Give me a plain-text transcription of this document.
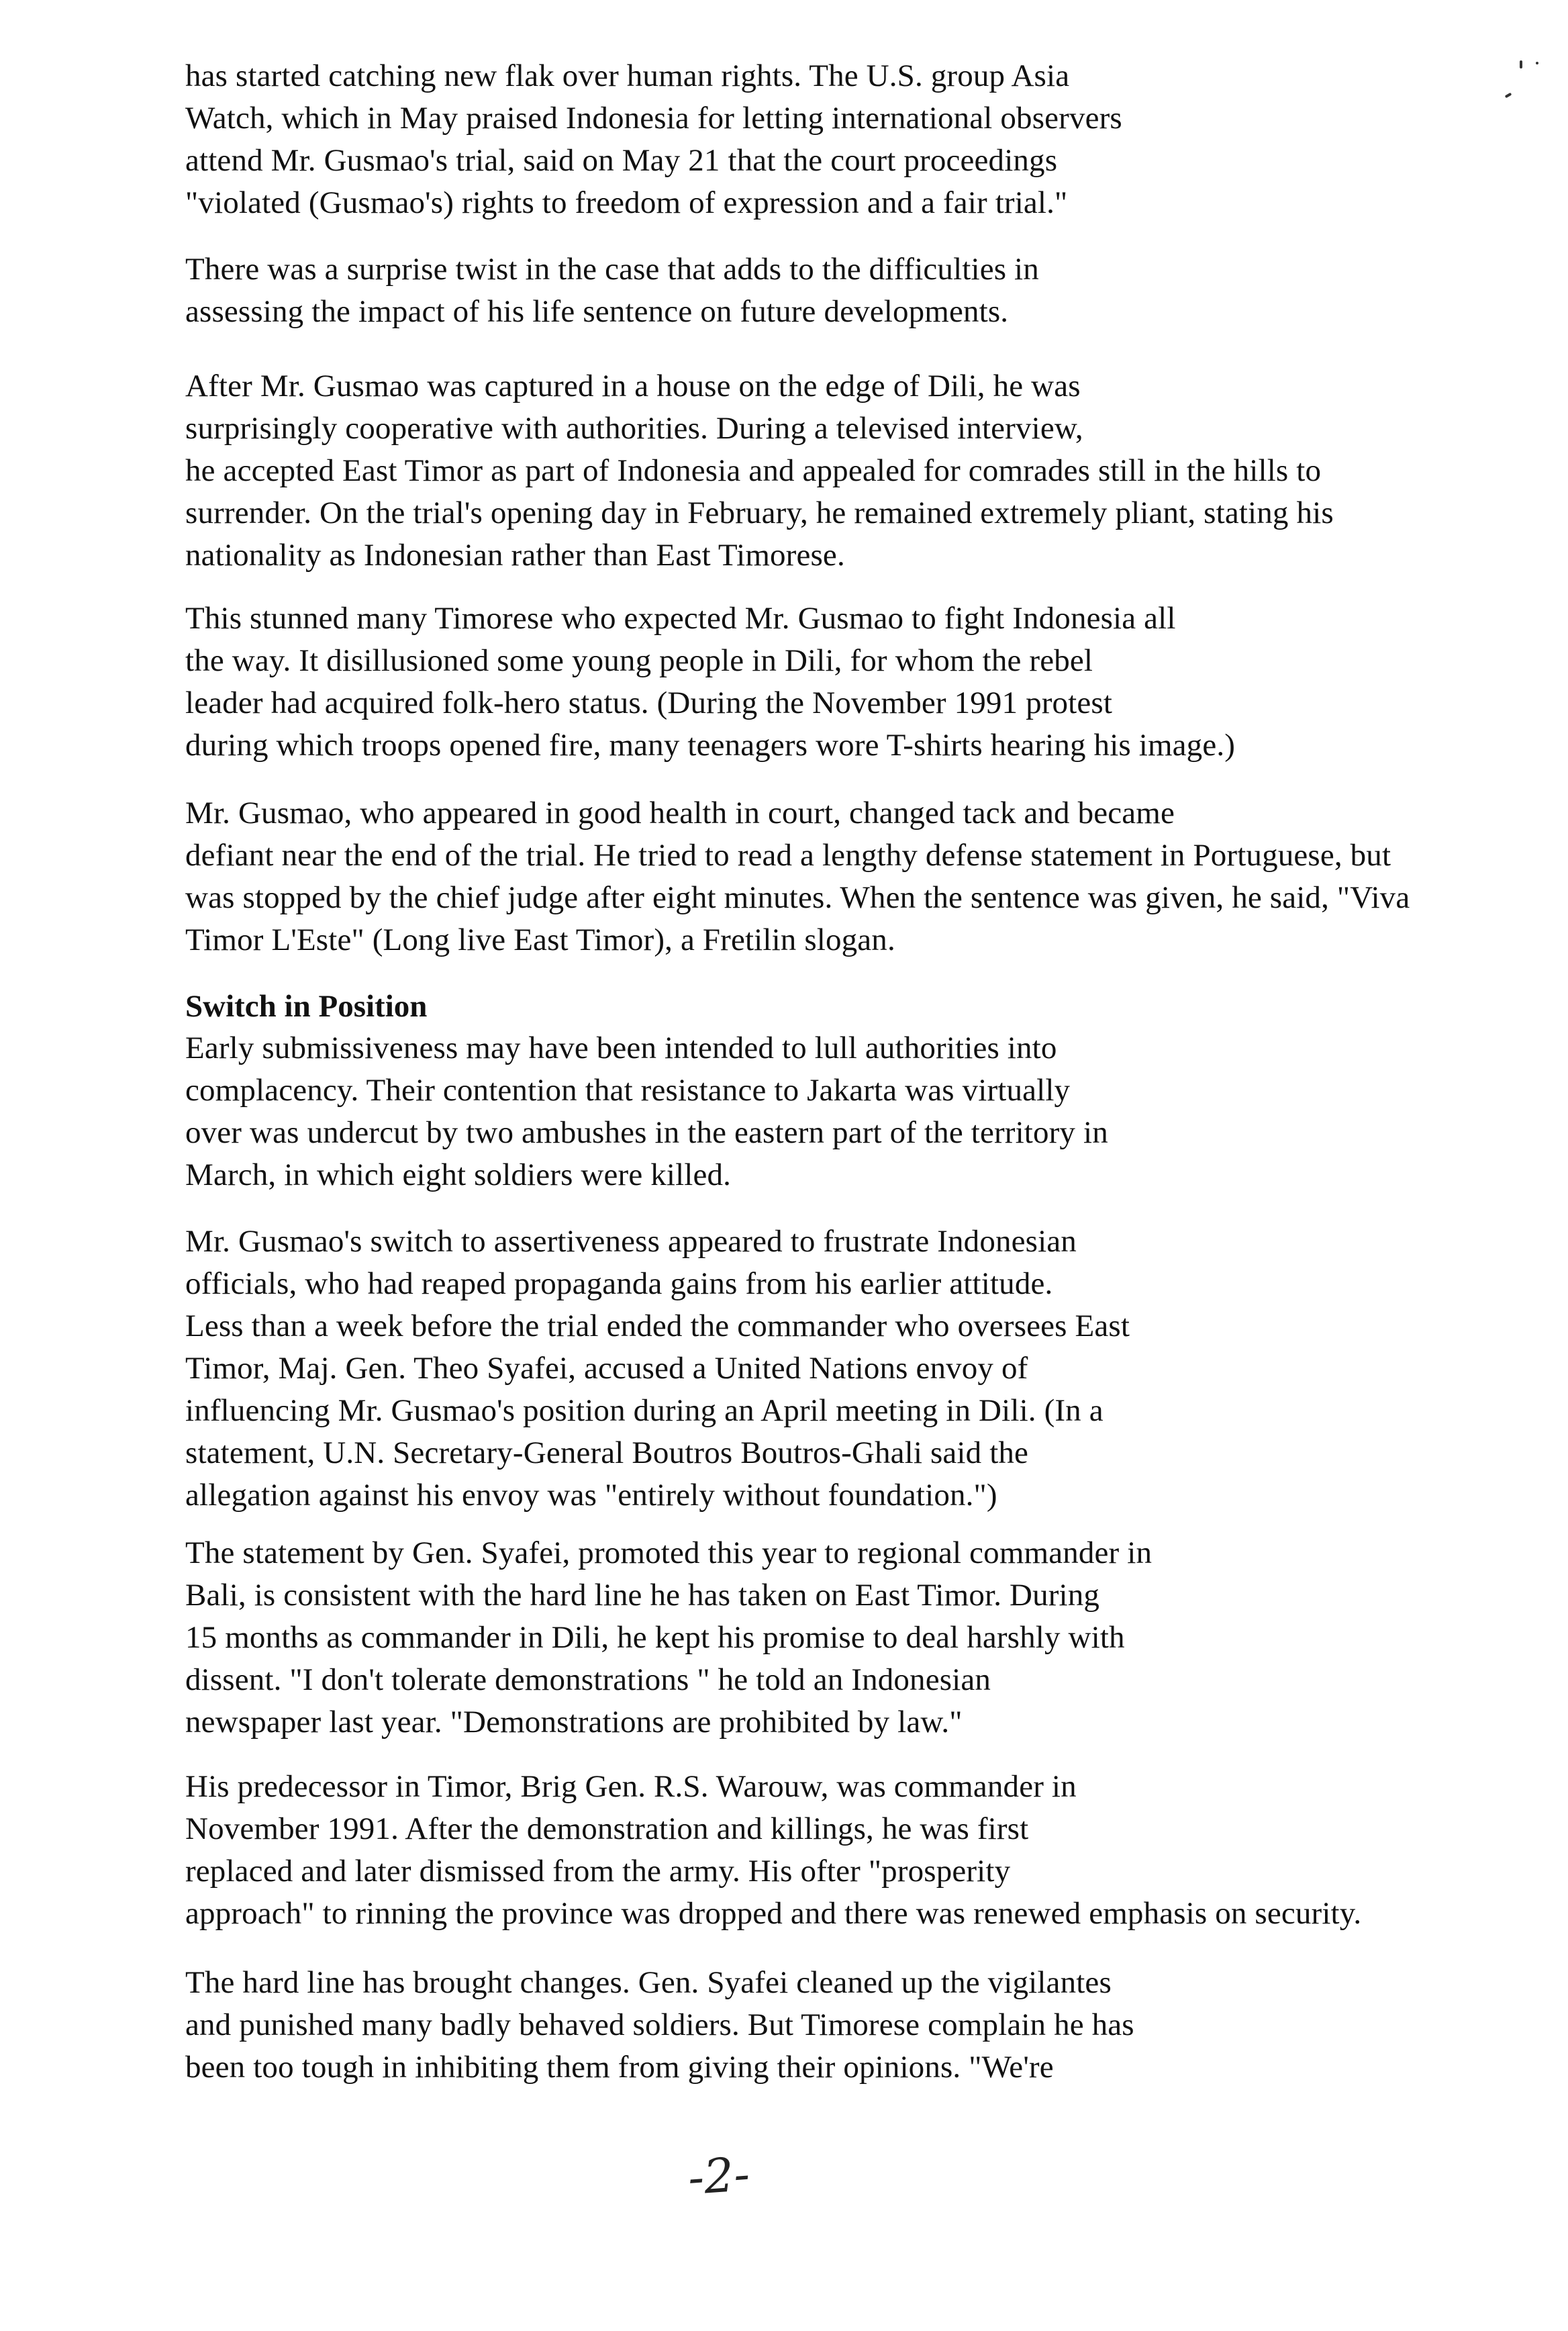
has started catching new flak over human rights. The U.S. group Asia
Watch, which in May praised Indonesia for letting international observers
attend Mr. Gusmao's trial, said on May 21 that the court proceedings
"violated (Gusmao's) rights to freedom of expression and a fair trial."
There was a surprise twist in the case that adds to the difficulties in
assessing the impact of his life sentence on future developments.
After Mr. Gusmao was captured in a house on the edge of Dili, he was
surprisingly cooperative with authorities. During a televised interview,
he accepted East Timor as part of Indonesia and appealed for comrades still in the hills to
surrender. On the trial's opening day in February, he remained extremely pliant, stating his
nationality as Indonesian rather than East Timorese.
This stunned many Timorese who expected Mr. Gusmao to fight Indonesia all
the way. It disillusioned some young people in Dili, for whom the rebel
leader had acquired folk-hero status. (During the November 1991 protest
during which troops opened fire, many teenagers wore T-shirts hearing his image.)
Mr. Gusmao, who appeared in good health in court, changed tack and became
defiant near the end of the trial. He tried to read a lengthy defense statement in Portuguese, but
was stopped by the chief judge after eight minutes. When the sentence was given, he said, "Viva
Timor L'Este" (Long live East Timor), a Fretilin slogan.
Switch in Position
Early submissiveness may have been intended to lull authorities into
complacency. Their contention that resistance to Jakarta was virtually
over was undercut by two ambushes in the eastern part of the territory in
March, in which eight soldiers were killed.
Mr. Gusmao's switch to assertiveness appeared to frustrate Indonesian
officials, who had reaped propaganda gains from his earlier attitude.
Less than a week before the trial ended the commander who oversees East
Timor, Maj. Gen. Theo Syafei, accused a United Nations envoy of
influencing Mr. Gusmao's position during an April meeting in Dili. (In a
statement, U.N. Secretary-General Boutros Boutros-Ghali said the
allegation against his envoy was "entirely without foundation.")
The statement by Gen. Syafei, promoted this year to regional commander in
Bali, is consistent with the hard line he has taken on East Timor. During
15 months as commander in Dili, he kept his promise to deal harshly with
dissent. "I don't tolerate demonstrations " he told an Indonesian
newspaper last year. "Demonstrations are prohibited by law."
His predecessor in Timor, Brig Gen. R.S. Warouw, was commander in
November 1991. After the demonstration and killings, he was first
replaced and later dismissed from the army. His ofter "prosperity
approach" to rinning the province was dropped and there was renewed emphasis on security.
The hard line has brought changes. Gen. Syafei cleaned up the vigilantes
and punished many badly behaved soldiers. But Timorese complain he has
been too tough in inhibiting them from giving their opinions. "We're
-2-
